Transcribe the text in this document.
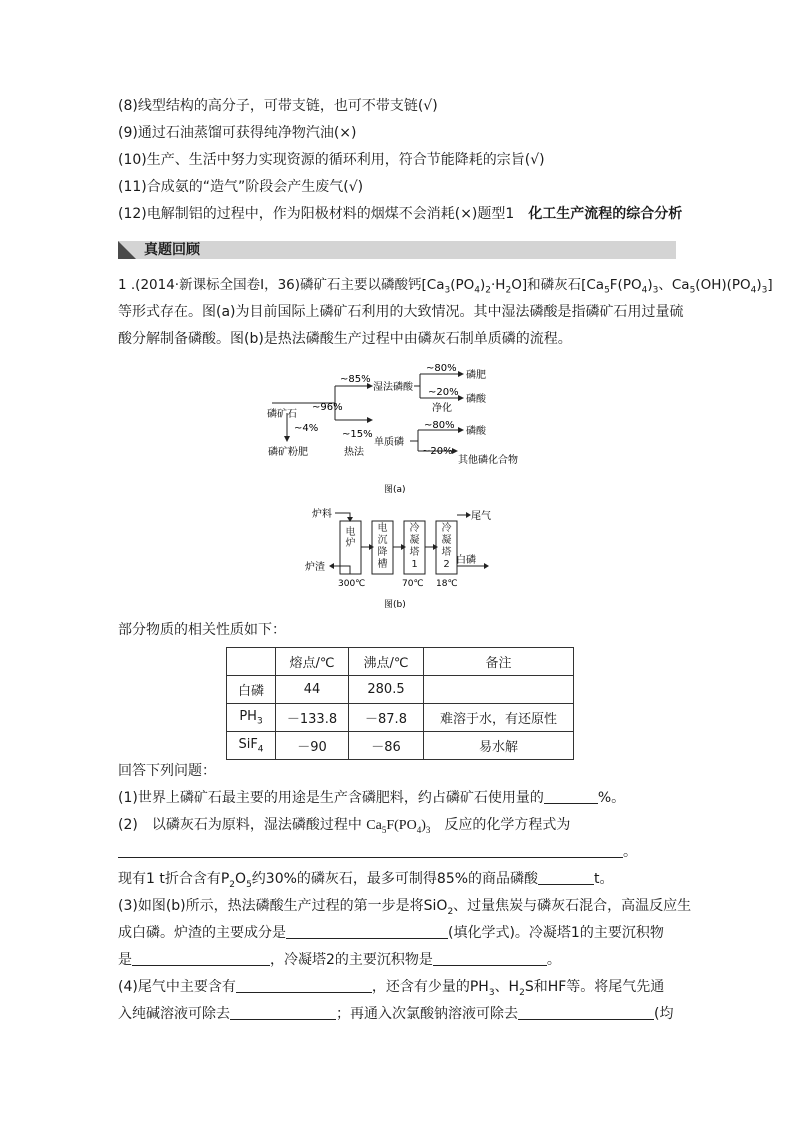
(8)线型结构的高分子，可带支链，也可不带支链(√)
(9)通过石油蒸馏可获得纯净物汽油(×)
(10)生产、生活中努力实现资源的循环利用，符合节能降耗的宗旨(√)
(11)合成氨的“造气”阶段会产生废气(√)
(12)电解制铝的过程中，作为阳极材料的烟煤不会消耗(×)题型1　 化工生产流程的综合分析
真题回顾
1 .(2014·新课标全国卷Ⅰ，36)磷矿石主要以磷酸钙$[Ca_3(PO_4)_2\cdot H_2O]$和磷灰石[$Ca_5F(PO_4)_3$、$Ca_5(OH)(PO_4)_3$]
等形式存在。图(a)为目前国际上磷矿石利用的大致情况。其中湿法磷酸是指磷矿石用过量硫
酸分解制备磷酸。图(b)是热法磷酸生产过程中由磷灰石制单质磷的流程。
磷矿石
~96%
~4%
磷矿粉肥
~85%
湿法磷酸
~80%
磷肥
~20%
净化
磷酸
~15%
热法
单质磷
~80%
磷酸
~20%
其他磷化合物
图(a)
炉料	尾气
炉渣
白磷
300℃	70℃ 18℃
图(b)
电炉
电沉降槽
冷凝塔1
冷凝塔2
部分物质的相关性质如下：
	熔点/℃	沸点/℃	备注
白磷	44	280.5	
$PH_3$	－133.8	－87.8	难溶于水，有还原性
SiF$_4$	－90	－86	易水解
回答下列问题：
(1)世界上磷矿石最主要的用途是生产含磷肥料，约占磷矿石使用量的	%。
(2)　以磷灰石为原料，湿法磷酸过程中 $Ca_5F(PO_4)_3$　反应的化学方程式为
。
现有1 t折合含有$P_2O_5$约30%的磷灰石，最多可制得85%的商品磷酸	t。
(3)如图(b)所示，热法磷酸生产过程的第一步是将SiO$_2$、过量焦炭与磷灰石混合，高温反应生
成白磷。炉渣的主要成分是	(填化学式)。冷凝塔1的主要沉积物
是	，冷凝塔2的主要沉积物是	。
(4)尾气中主要含有	，还含有少量的$PH_3$、$H_2S$和HF等。将尾气先通
入纯碱溶液可除去	；再通入次氯酸钠溶液可除去	(均
